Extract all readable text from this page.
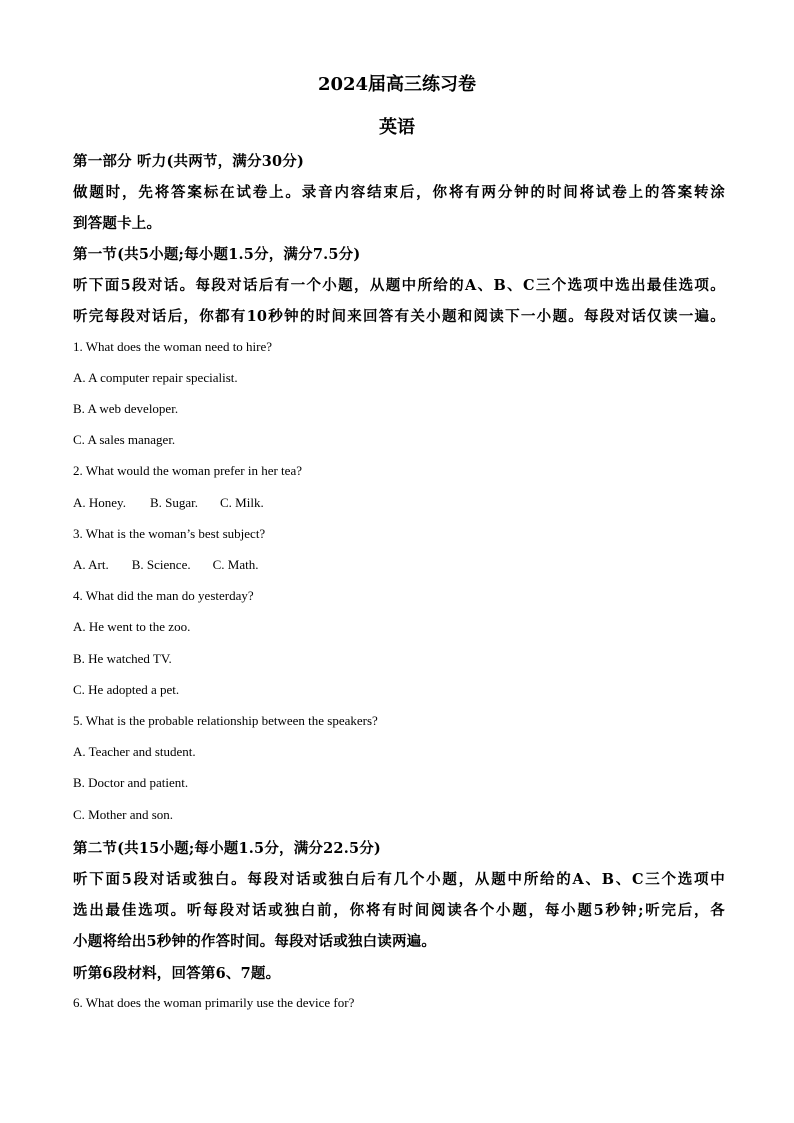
2024届高三练习卷

英语

第一部分 听力(共两节，满分30分)

做题时，先将答案标在试卷上。录音内容结束后，你将有两分钟的时间将试卷上的答案转涂

到答题卡上。

第一节(共5小题;每小题1.5分，满分7.5分)

听下面5段对话。每段对话后有一个小题，从题中所给的A、B、C三个选项中选出最佳选项。

听完每段对话后，你都有10秒钟的时间来回答有关小题和阅读下一小题。每段对话仅读一遍。

1. What does the woman need to hire?

A. A computer repair specialist.

B. A web developer.

C. A sales manager.

2. What would the woman prefer in her tea?

A. Honey. B. Sugar. C. Milk.

3. What is the woman’s best subject?

A. Art. B. Science. C. Math.

4. What did the man do yesterday?

A. He went to the zoo.

B. He watched TV.

C. He adopted a pet.

5. What is the probable relationship between the speakers?

A. Teacher and student.

B. Doctor and patient.

C. Mother and son.

第二节(共15小题;每小题1.5分，满分22.5分)

听下面5段对话或独白。每段对话或独白后有几个小题，从题中所给的A、B、C三个选项中

选出最佳选项。听每段对话或独白前，你将有时间阅读各个小题，每小题5秒钟;听完后，各

小题将给出5秒钟的作答时间。每段对话或独白读两遍。

听第6段材料，回答第6、7题。

6. What does the woman primarily use the device for?
